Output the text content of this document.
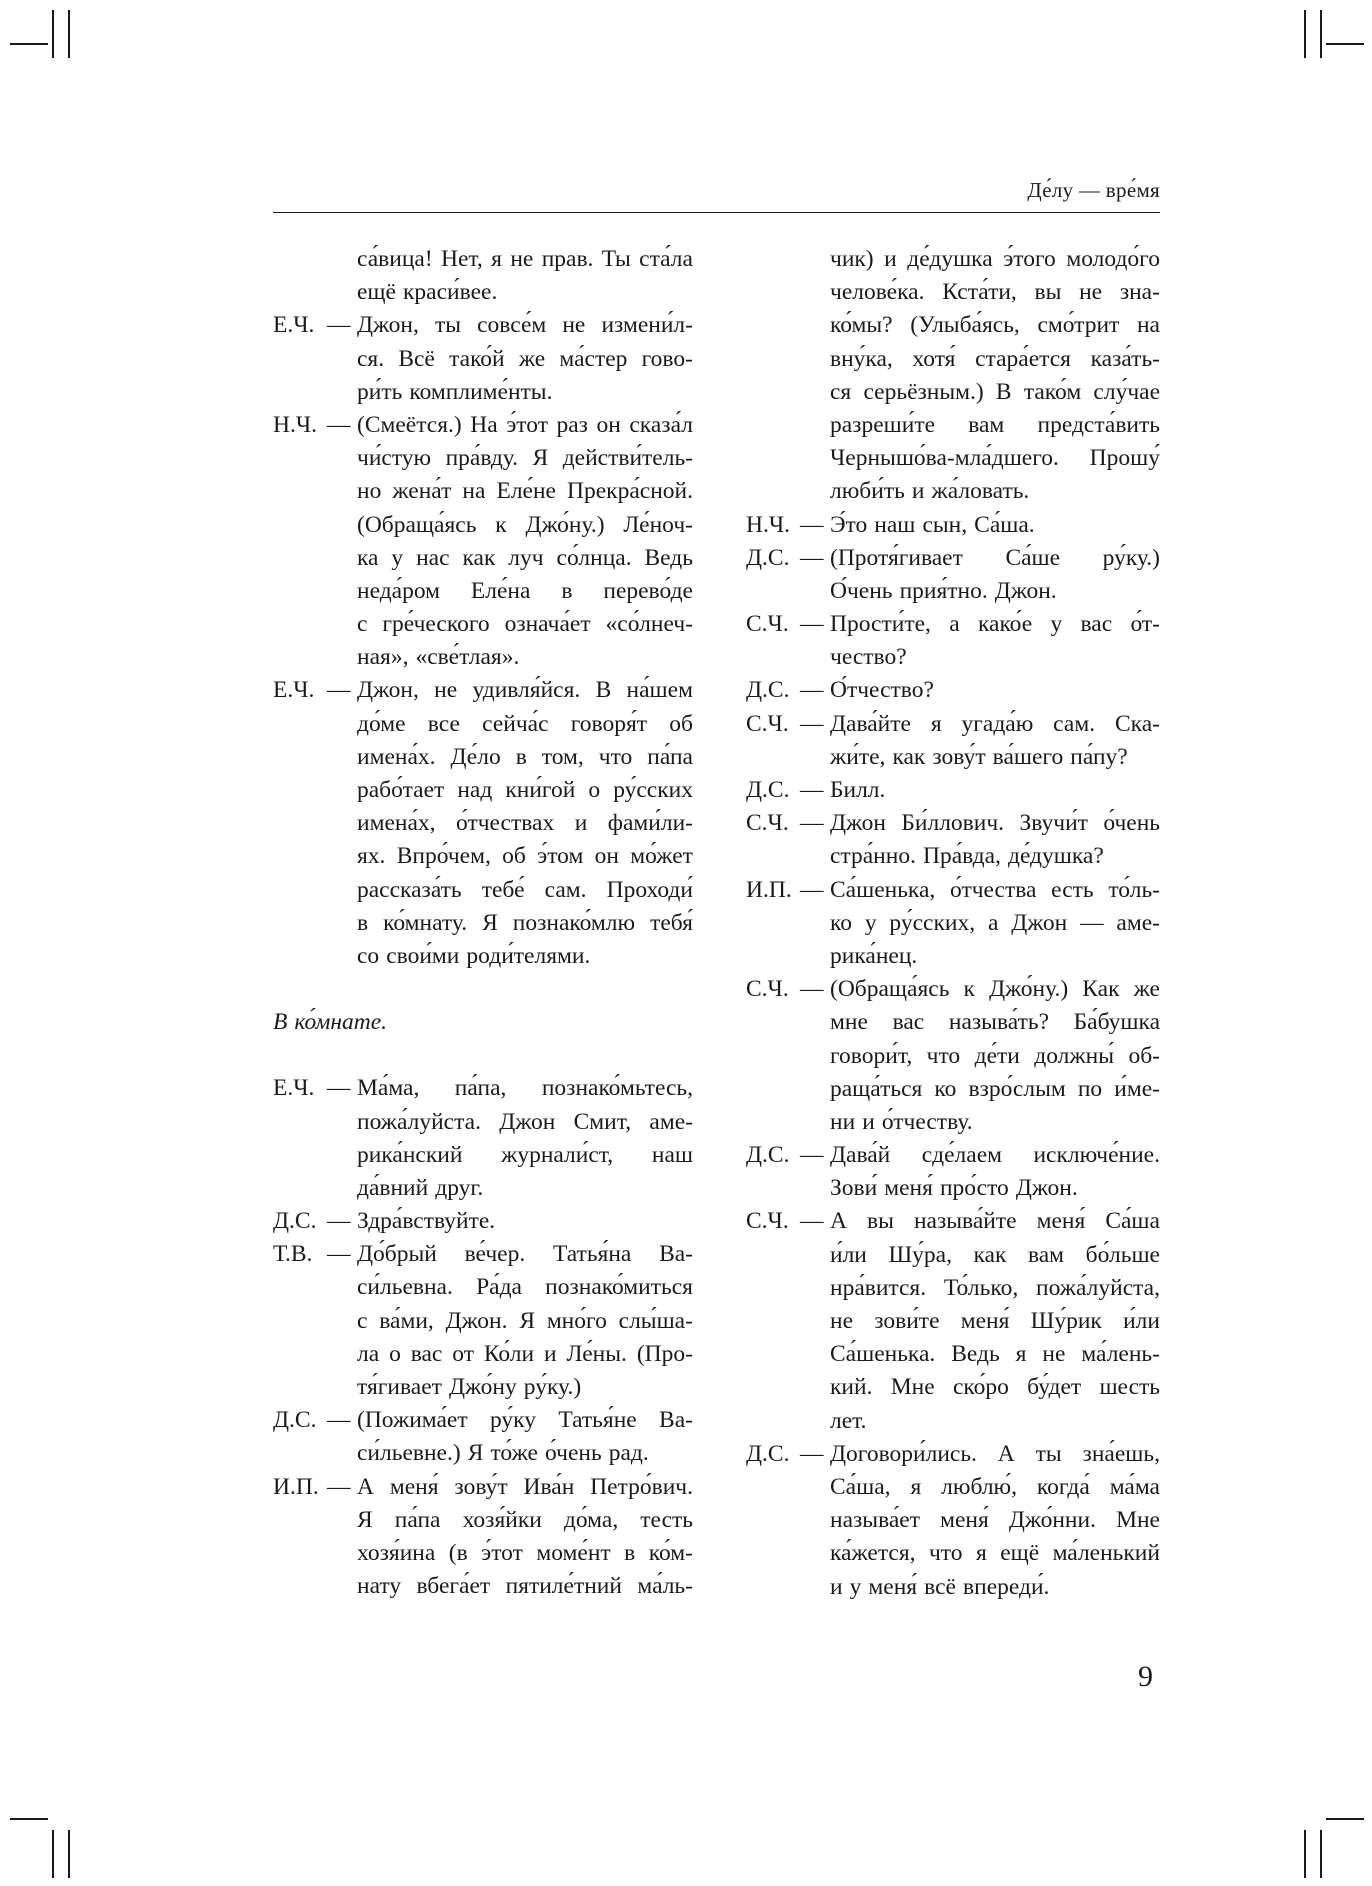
Де́лу — вре́мя
са́вица! Нет, я не прав. Ты ста́ла
ещё краси́вее.
Е.Ч. — Джон, ты совсе́м не измени́л-
ся. Всё тако́й же ма́стер гово-
ри́ть комплиме́нты.
Н.Ч. — (Смеётся.) На э́тот раз он сказа́л
чи́стую пра́вду. Я действи́тель-
но жена́т на Еле́не Прекра́сной.
(Обраща́ясь к Джо́ну.) Ле́ноч-
ка у нас как луч со́лнца. Ведь
неда́ром Еле́на в перево́де
с гре́ческого означа́ет «со́лнеч-
ная», «све́тлая».
Е.Ч. — Джон, не удивля́йся. В на́шем
до́ме все сейча́с говоря́т об
имена́х. Де́ло в том, что па́па
рабо́тает над кни́гой о ру́сских
имена́х, о́тчествах и фами́ли-
ях. Впро́чем, об э́том он мо́жет
рассказа́ть тебе́ сам. Проходи́
в ко́мнату. Я познако́млю тебя́
со свои́ми роди́телями.
В ко́мнате.
Е.Ч. — Ма́ма, па́па, познако́мьтесь,
пожа́луйста. Джон Смит, аме-
рика́нский журнали́ст, наш
да́вний друг.
Д.С. — Здра́вствуйте.
Т.В. — До́брый ве́чер. Татья́на Ва-
си́льевна. Ра́да познако́миться
с ва́ми, Джон. Я мно́го слы́ша-
ла о вас от Ко́ли и Ле́ны. (Про-
тя́гивает Джо́ну ру́ку.)
Д.С. — (Пожима́ет ру́ку Татья́не Ва-
си́льевне.) Я то́же о́чень рад.
И.П. — А меня́ зову́т Ива́н Петро́вич.
Я па́па хозя́йки до́ма, тесть
хозя́ина (в э́тот моме́нт в ко́м-
нату вбега́ет пятиле́тний ма́ль-
чик) и де́душка э́того молодо́го
челове́ка. Кста́ти, вы не зна-
ко́мы? (Улыба́ясь, смо́трит на
вну́ка, хотя́ стара́ется каза́ть-
ся серьёзным.) В тако́м слу́чае
разреши́те вам предста́вить
Чернышо́ва-мла́дшего. Прошу́
люби́ть и жа́ловать.
Н.Ч. — Э́то наш сын, Са́ша.
Д.С. — (Протя́гивает Са́ше ру́ку.)
О́чень прия́тно. Джон.
С.Ч. — Прости́те, а како́е у вас о́т-
чество?
Д.С. — О́тчество?
С.Ч. — Дава́йте я угада́ю сам. Ска-
жи́те, как зову́т ва́шего па́пу?
Д.С. — Билл.
С.Ч. — Джон Би́ллович. Звучи́т о́чень
стра́нно. Пра́вда, де́душка?
И.П. — Са́шенька, о́тчества есть то́ль-
ко у ру́сских, а Джон — аме-
рика́нец.
С.Ч. — (Обраща́ясь к Джо́ну.) Как же
мне вас называ́ть? Ба́бушка
говори́т, что де́ти должны́ об-
раща́ться ко взро́слым по и́ме-
ни и о́тчеству.
Д.С. — Дава́й сде́лаем исключе́ние.
Зови́ меня́ про́сто Джон.
С.Ч. — А вы называ́йте меня́ Са́ша
и́ли Шу́ра, как вам бо́льше
нра́вится. То́лько, пожа́луйста,
не зови́те меня́ Шу́рик и́ли
Са́шенька. Ведь я не ма́лень-
кий. Мне ско́ро бу́дет шесть
лет.
Д.С. — Договори́лись. А ты зна́ешь,
Са́ша, я люблю́, когда́ ма́ма
называ́ет меня́ Джо́нни. Мне
ка́жется, что я ещё ма́ленький
и у меня́ всё впереди́.
9
